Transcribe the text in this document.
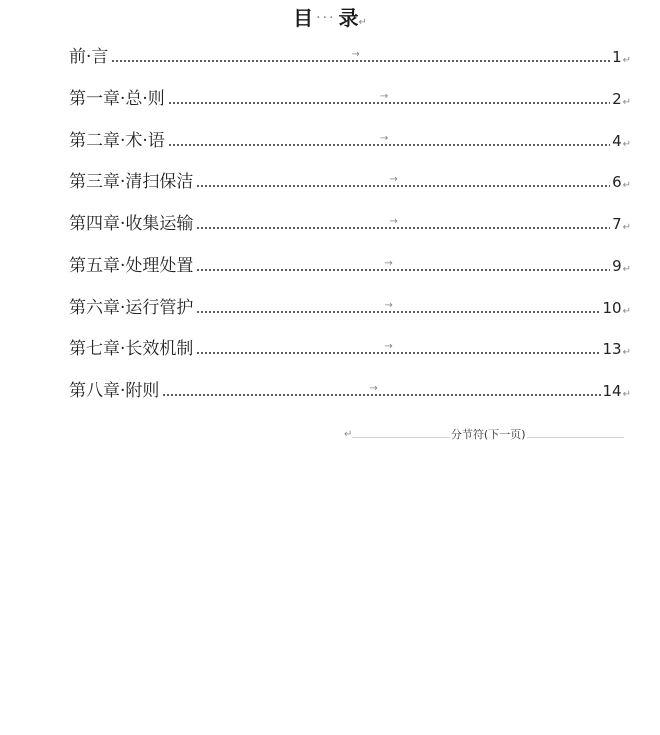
目 ··· 录↵
前·言	→	1 ↵
第一章·总·则	→	2 ↵
第二章·术·语	→	4 ↵
第三章·清扫保洁	→	6 ↵
第四章·收集运输	→	7 ↵
第五章·处理处置	→	9 ↵
第六章·运行管护	→	10 ↵
第七章·长效机制	→	13 ↵
第八章·附则	→	14 ↵
↵	分节符(下一页)
